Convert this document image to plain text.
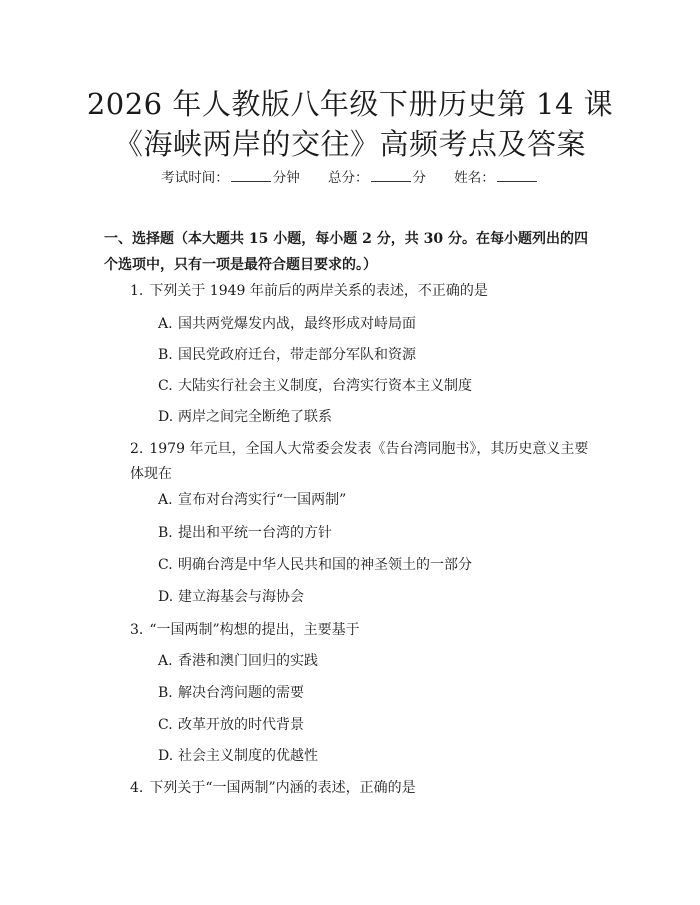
2026 年人教版八年级下册历史第 14 课《海峡两岸的交往》高频考点及答案
考试时间：	分钟 总分：	分 姓名：

一、选择题（本大题共 15 小题，每小题 2 分，共 30 分。在每小题列出的四个选项中，只有一项是最符合题目要求的。）

1. 下列关于 1949 年前后的两岸关系的表述，不正确的是

A. 国共两党爆发内战，最终形成对峙局面

B. 国民党政府迁台，带走部分军队和资源

C. 大陆实行社会主义制度，台湾实行资本主义制度

D. 两岸之间完全断绝了联系

2. 1979 年元旦，全国人大常委会发表《告台湾同胞书》，其历史意义主要体现在

A. 宣布对台湾实行“一国两制”

B. 提出和平统一台湾的方针

C. 明确台湾是中华人民共和国的神圣领土的一部分

D. 建立海基会与海协会

3. “一国两制”构想的提出，主要基于

A. 香港和澳门回归的实践

B. 解决台湾问题的需要

C. 改革开放的时代背景

D. 社会主义制度的优越性

4. 下列关于“一国两制”内涵的表述，正确的是
